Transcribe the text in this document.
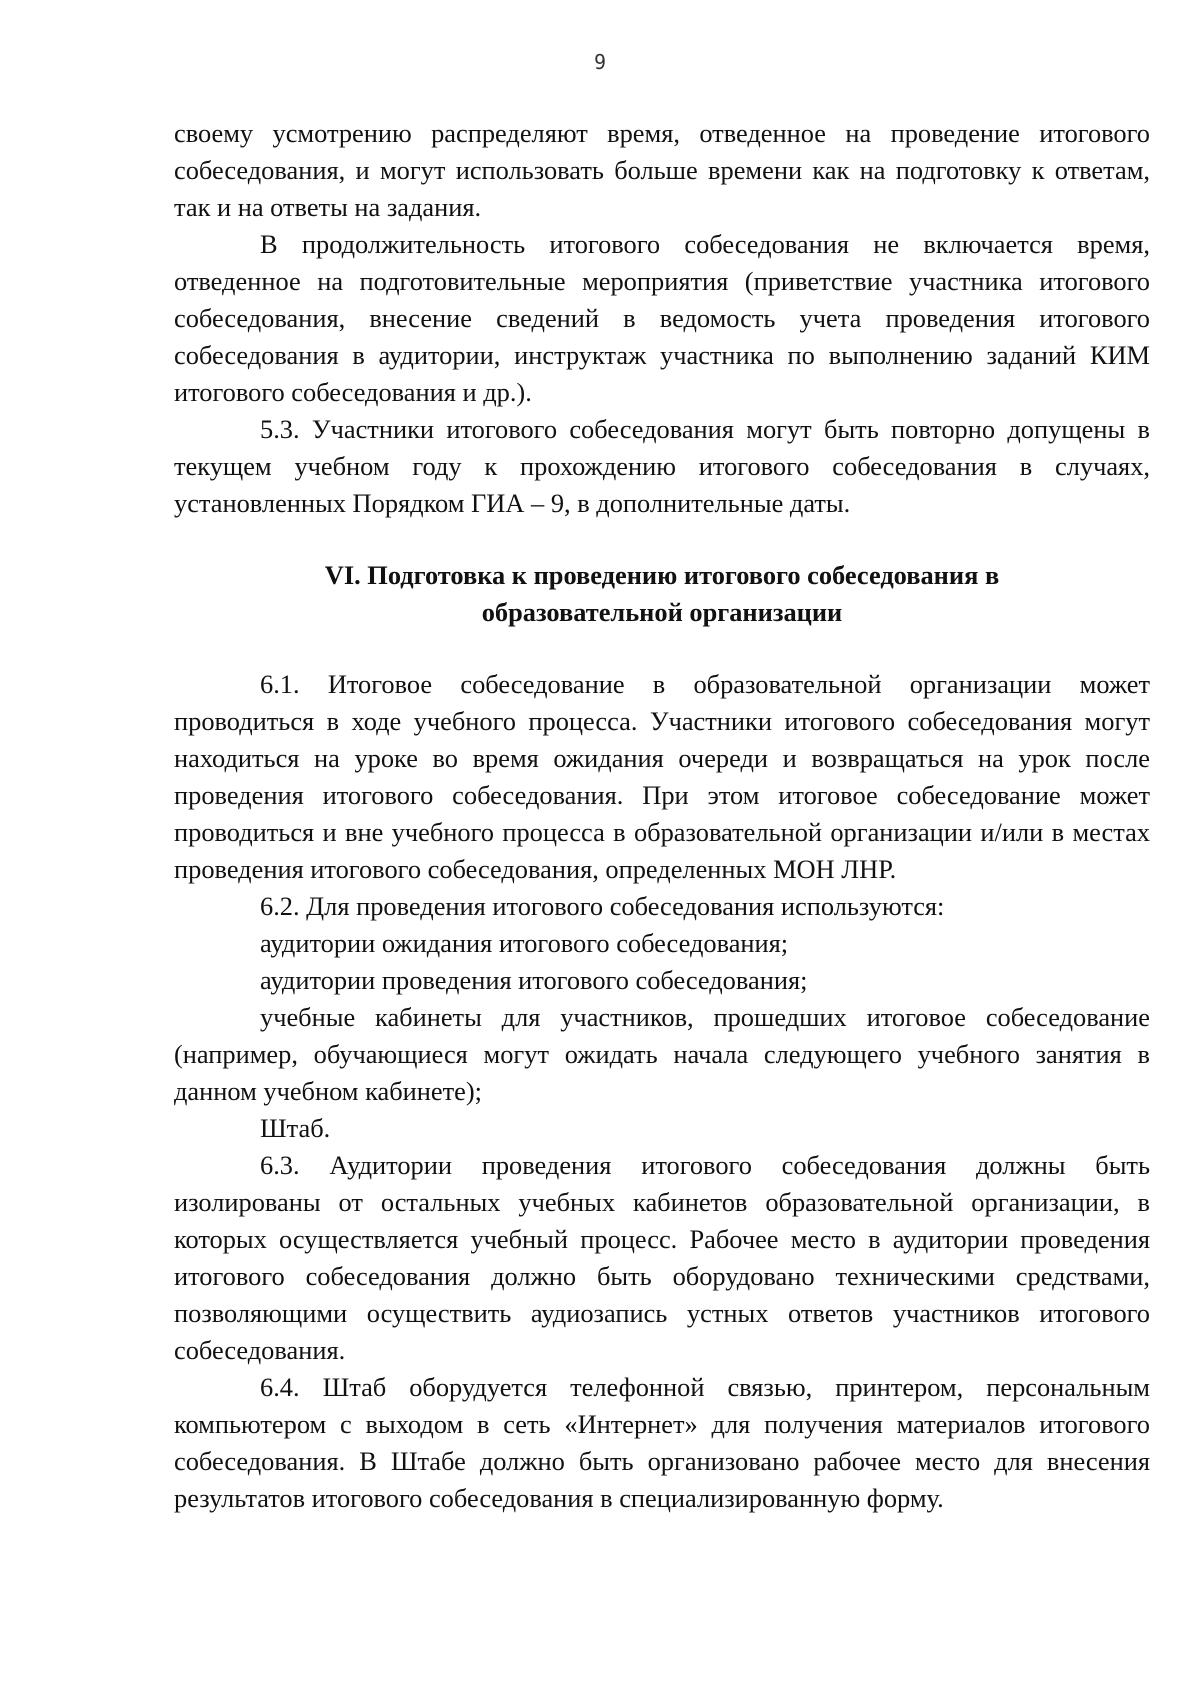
9

своему усмотрению распределяют время, отведенное на проведение итогового собеседования, и могут использовать больше времени как на подготовку к ответам, так и на ответы на задания.

В продолжительность итогового собеседования не включается время, отведенное на подготовительные мероприятия (приветствие участника итогового собеседования, внесение сведений в ведомость учета проведения итогового собеседования в аудитории, инструктаж участника по выполнению заданий КИМ итогового собеседования и др.).

5.3. Участники итогового собеседования могут быть повторно допущены в текущем учебном году к прохождению итогового собеседования в случаях, установленных Порядком ГИА – 9, в дополнительные даты.

VI. Подготовка к проведению итогового собеседования в
образовательной организации

6.1. Итоговое собеседование в образовательной организации может проводиться в ходе учебного процесса. Участники итогового собеседования могут находиться на уроке во время ожидания очереди и возвращаться на урок после проведения итогового собеседования. При этом итоговое собеседование может проводиться и вне учебного процесса в образовательной организации и/или в местах проведения итогового собеседования, определенных МОН ЛНР.

6.2. Для проведения итогового собеседования используются:

аудитории ожидания итогового собеседования;

аудитории проведения итогового собеседования;

учебные кабинеты для участников, прошедших итоговое собеседование (например, обучающиеся могут ожидать начала следующего учебного занятия в данном учебном кабинете);

Штаб.

6.3. Аудитории проведения итогового собеседования должны быть изолированы от остальных учебных кабинетов образовательной организации, в которых осуществляется учебный процесс. Рабочее место в аудитории проведения итогового собеседования должно быть оборудовано техническими средствами, позволяющими осуществить аудиозапись устных ответов участников итогового собеседования.

6.4. Штаб оборудуется телефонной связью, принтером, персональным компьютером с выходом в сеть «Интернет» для получения материалов итогового собеседования. В Штабе должно быть организовано рабочее место для внесения результатов итогового собеседования в специализированную форму.
